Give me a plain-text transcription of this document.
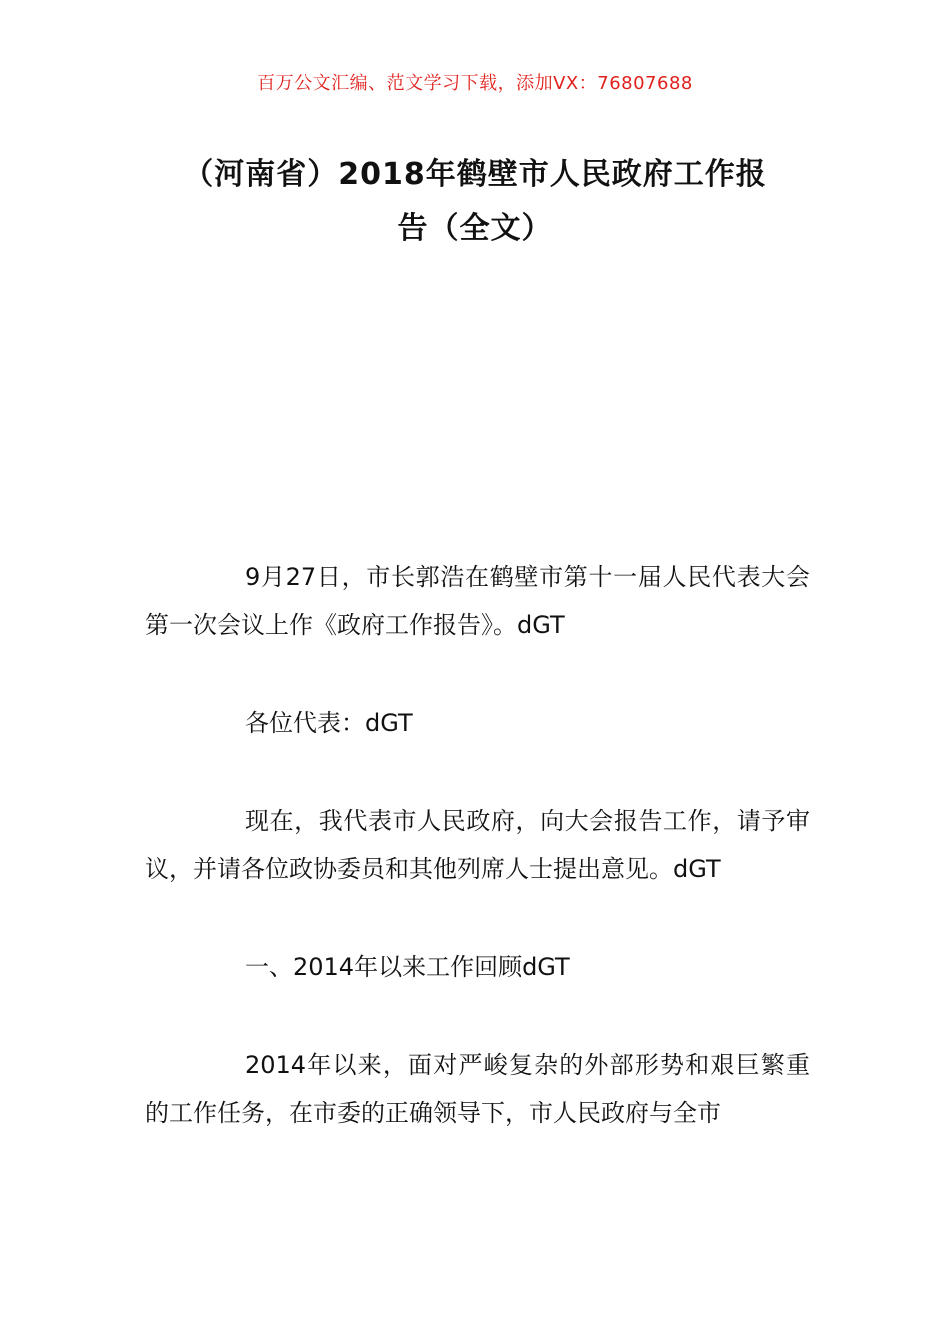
百万公文汇编、范文学习下载，添加VX：76807688
（河南省）2018年鹤壁市人民政府工作报
告（全文）

9月27日，市长郭浩在鹤壁市第十一届人民代表大会第一次会议上作《政府工作报告》。dGT

各位代表：dGT

现在，我代表市人民政府，向大会报告工作，请予审议，并请各位政协委员和其他列席人士提出意见。dGT

一、2014年以来工作回顾dGT

2014年以来，面对严峻复杂的外部形势和艰巨繁重的工作任务，在市委的正确领导下，市人民政府与全市
